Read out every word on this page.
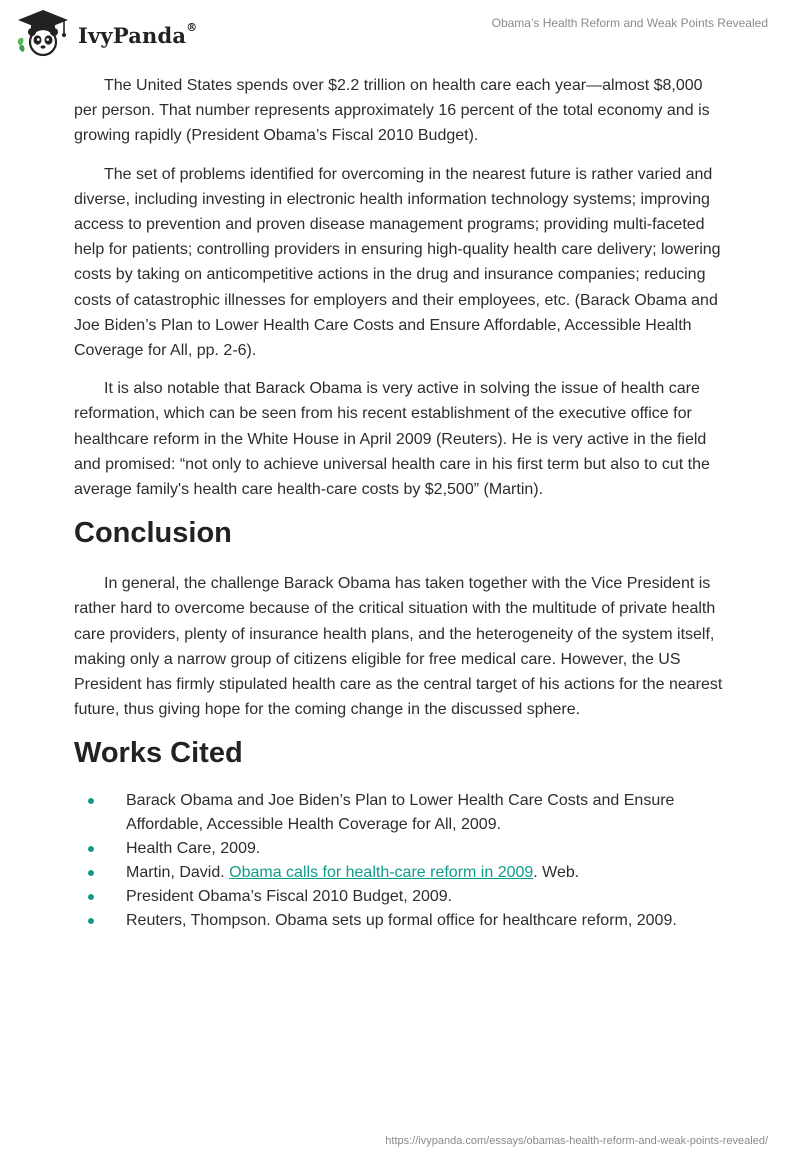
IvyPanda®	Obama’s Health Reform and Weak Points Revealed

The United States spends over $2.2 trillion on health care each year—almost $8,000 per person. That number represents approximately 16 percent of the total economy and is growing rapidly (President Obama’s Fiscal 2010 Budget).

The set of problems identified for overcoming in the nearest future is rather varied and diverse, including investing in electronic health information technology systems; improving access to prevention and proven disease management programs; providing multi-faceted help for patients; controlling providers in ensuring high-quality health care delivery; lowering costs by taking on anticompetitive actions in the drug and insurance companies; reducing costs of catastrophic illnesses for employers and their employees, etc. (Barack Obama and Joe Biden’s Plan to Lower Health Care Costs and Ensure Affordable, Accessible Health Coverage for All, pp. 2-6).

It is also notable that Barack Obama is very active in solving the issue of health care reformation, which can be seen from his recent establishment of the executive office for healthcare reform in the White House in April 2009 (Reuters). He is very active in the field and promised: “not only to achieve universal health care in his first term but also to cut the average family's health care health-care costs by $2,500” (Martin).

Conclusion

In general, the challenge Barack Obama has taken together with the Vice President is rather hard to overcome because of the critical situation with the multitude of private health care providers, plenty of insurance health plans, and the heterogeneity of the system itself, making only a narrow group of citizens eligible for free medical care. However, the US President has firmly stipulated health care as the central target of his actions for the nearest future, thus giving hope for the coming change in the discussed sphere.

Works Cited
Barack Obama and Joe Biden’s Plan to Lower Health Care Costs and Ensure Affordable, Accessible Health Coverage for All, 2009.
Health Care, 2009.
Martin, David. Obama calls for health-care reform in 2009. Web.
President Obama’s Fiscal 2010 Budget, 2009.
Reuters, Thompson. Obama sets up formal office for healthcare reform, 2009.
https://ivypanda.com/essays/obamas-health-reform-and-weak-points-revealed/
